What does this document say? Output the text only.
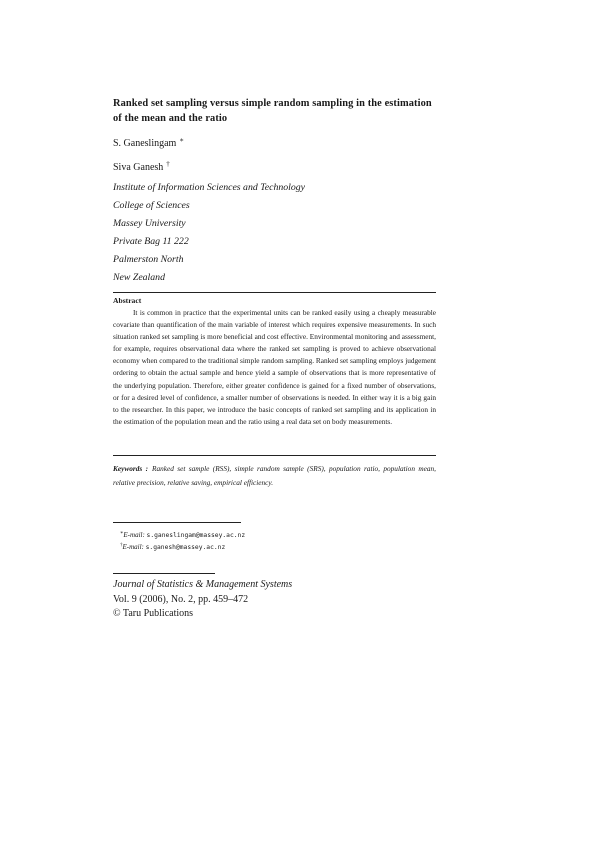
Ranked set sampling versus simple random sampling in the estimation
of the mean and the ratio
S. Ganeslingam ∗
Siva Ganesh †
Institute of Information Sciences and Technology
College of Sciences
Massey University
Private Bag 11 222
Palmerston North
New Zealand
Abstract
It is common in practice that the experimental units can be ranked easily using a cheaply measurable covariate than quantification of the main variable of interest which requires expensive measurements. In such situation ranked set sampling is more beneficial and cost effective. Environmental monitoring and assessment, for example, requires observational data where the ranked set sampling is proved to achieve observational economy when compared to the traditional simple random sampling. Ranked set sampling employs judgement ordering to obtain the actual sample and hence yield a sample of observations that is more representative of the underlying population. Therefore, either greater confidence is gained for a fixed number of observations, or for a desired level of confidence, a smaller number of observations is needed. In either way it is a big gain to the researcher. In this paper, we introduce the basic concepts of ranked set sampling and its application in the estimation of the population mean and the ratio using a real data set on body measurements.
Keywords : Ranked set sample (RSS), simple random sample (SRS), population ratio, population mean, relative precision, relative saving, empirical efficiency.
∗E-mail: s.ganeslingam@massey.ac.nz
†E-mail: s.ganesh@massey.ac.nz
Journal of Statistics & Management Systems
Vol. 9 (2006), No. 2, pp. 459–472
© Taru Publications
